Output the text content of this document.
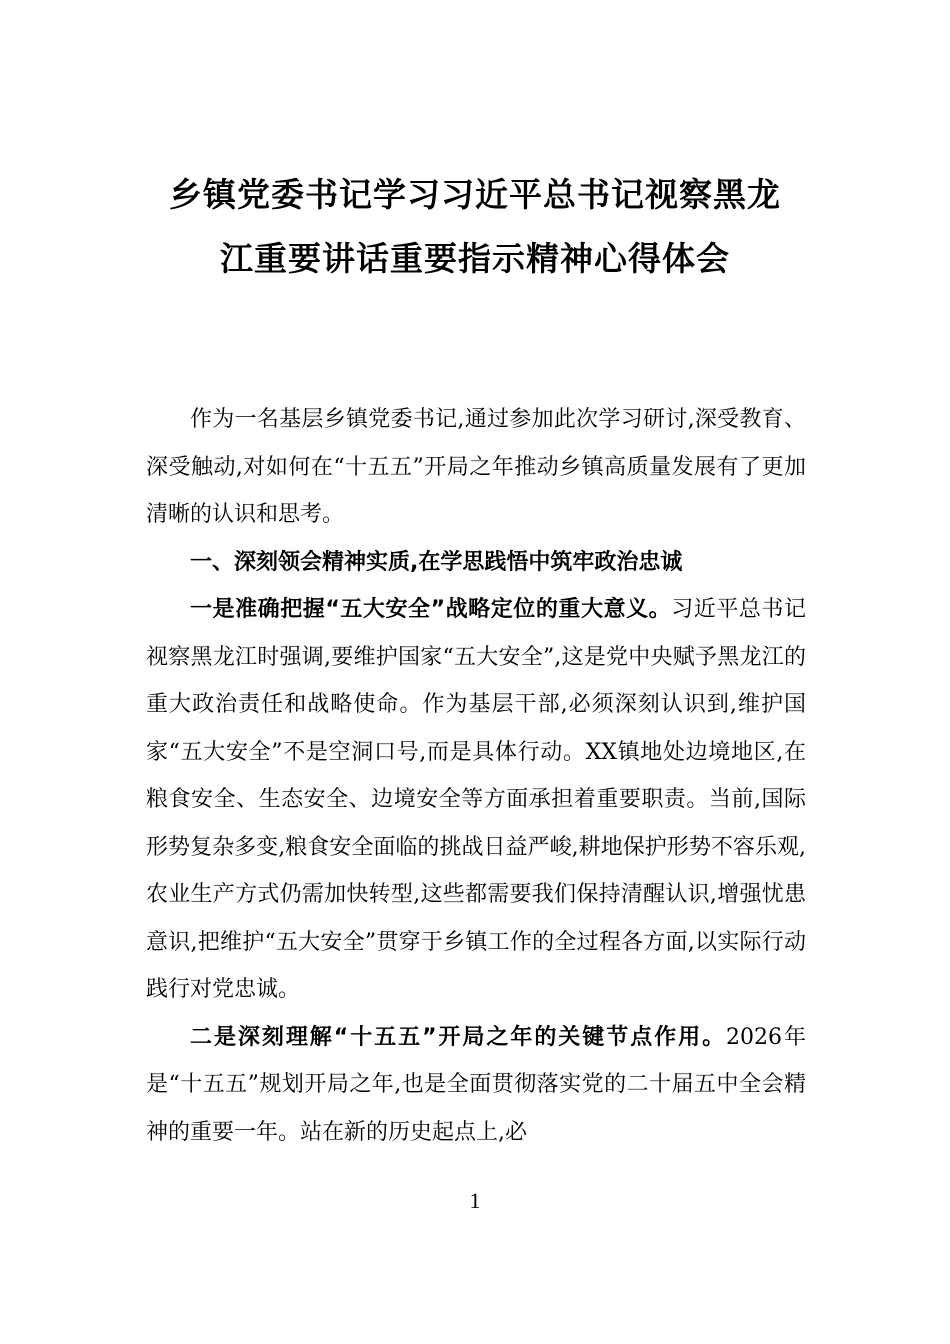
乡镇党委书记学习习近平总书记视察黑龙
江重要讲话重要指示精神心得体会

作为一名基层乡镇党委书记,通过参加此次学习研讨,深受教育、深受触动,对如何在“十五五”开局之年推动乡镇高质量发展有了更加清晰的认识和思考。

一、深刻领会精神实质,在学思践悟中筑牢政治忠诚

一是准确把握“五大安全”战略定位的重大意义。习近平总书记视察黑龙江时强调,要维护国家“五大安全”,这是党中央赋予黑龙江的重大政治责任和战略使命。作为基层干部,必须深刻认识到,维护国家“五大安全”不是空洞口号,而是具体行动。XX镇地处边境地区,在粮食安全、生态安全、边境安全等方面承担着重要职责。当前,国际形势复杂多变,粮食安全面临的挑战日益严峻,耕地保护形势不容乐观,农业生产方式仍需加快转型,这些都需要我们保持清醒认识,增强忧患意识,把维护“五大安全”贯穿于乡镇工作的全过程各方面,以实际行动践行对党忠诚。

二是深刻理解“十五五”开局之年的关键节点作用。2026年是“十五五”规划开局之年,也是全面贯彻落实党的二十届五中全会精神的重要一年。站在新的历史起点上,必

1
